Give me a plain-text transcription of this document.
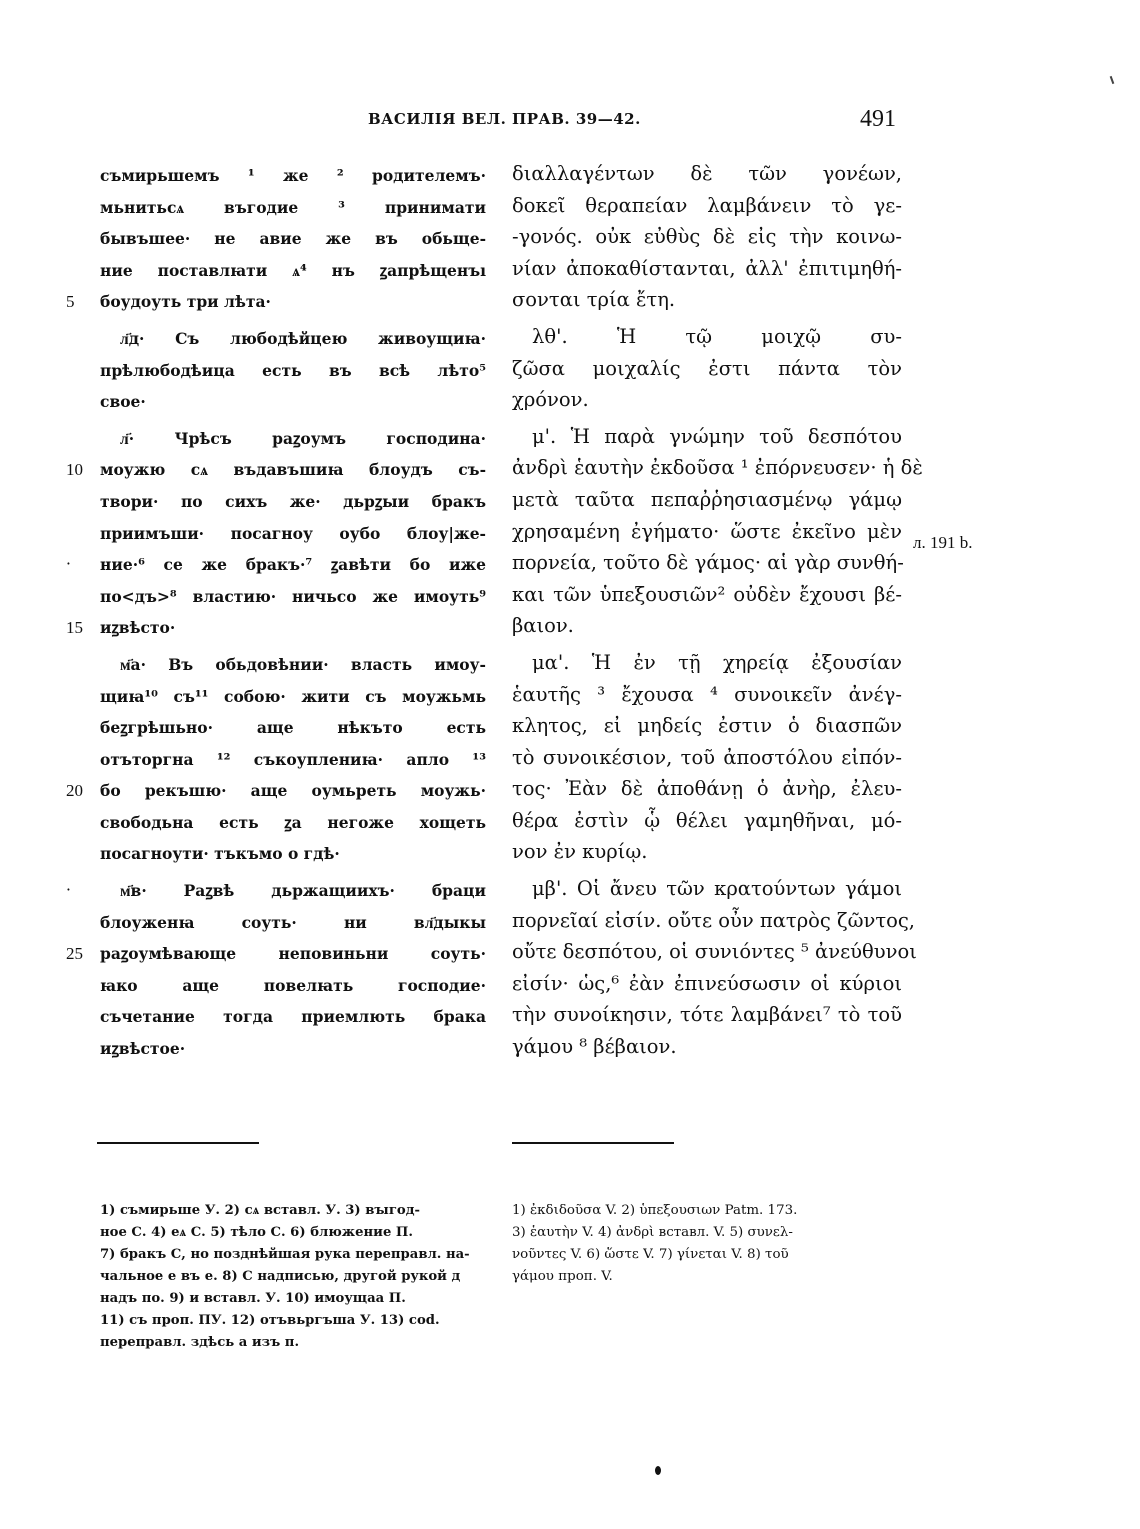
ВАСИЛIЯ ВЕЛ. ПРАВ. 39—42.	491
съмирьшемъ ¹ же ² родителемъ·
мьнитьсѧ въгодие ³ принимати
бывъшее· не авие же въ обьще-
ние поставлꙗти ѧ⁴ нъ ꙁапрѣщенъı
5 боудоуть три лѣта·
л҃д· Съ любодѣйцею живоущиꙗ·
прѣлюбодѣица есть въ всѣ лѣто⁵
свое·
л҃· Чрѣсъ раꙁоумъ господина·
10 моужю сѧ въдавъшиꙗ блоудъ съ-
твори· по сихъ же· дьрꙁыи бракъ
приимъши· посагноу оубо блоу|же-
· ние·⁶ се же бракъ·⁷ ꙁавѣти бо иже
по<дъ>⁸ властию· ничьсо же имоуть⁹
15 иꙁвѣсто·
м҃а· Въ обьдовѣнии· власть имоу-
щиꙗ¹⁰ съ¹¹ собою· жити съ моужьмь
беꙁгрѣшьно· аще нѣкъто есть
отъторгна ¹² съкоуплениꙗ· апло ¹³
20 бо рекъшю· аще оумьреть моужь·
свободьна есть ꙁа негоже хощеть
посагноути· тъкъмо о гдѣ·
·	м҃в· Раꙁвѣ дьржащиихъ· браци
блоуженꙗ соуть· ни вл҃дыкы
25 раꙁоумѣвающе неповиньни соуть·
ꙗко аще повелꙗть господие·
съчетание тогда приемлють брака
иꙁвѣстое·
διαλλαγέντων δὲ τῶν γονέων,
δοκεῖ θεραπείαν λαμβάνειν τὸ γε-
-γονός. οὐκ εὐθὺς δὲ εἰς τὴν κοινω-
νίαν ἀποκαθίστανται, ἀλλ' ἐπιτιμηθή-
σονται τρία ἔτη.
λθ'. Ἡ τῷ μοιχῷ συ-
ζῶσα μοιχαλίς ἐστι πάντα τὸν
χρόνον.
μ'. Ἡ παρὰ γνώμην τοῦ δεσπότου
ἀνδρὶ ἑαυτὴν ἐκδοῦσα ¹ ἐπόρνευσεν· ἡ δὲ
μετὰ ταῦτα πεπαῤῥησιασμένῳ γάμῳ
χρησαμένη ἐγήματο· ὥστε ἐκεῖνο μὲν
πορνεία, τοῦτο δὲ γάμος· αἱ γὰρ συνθή-
και τῶν ὑπεξουσιῶν² οὐδὲν ἔχουσι βέ-
βαιον.
μα'. Ἡ ἐν τῇ χηρείᾳ ἐξουσίαν
ἑαυτῆς ³ ἔχουσα ⁴ συνοικεῖν ἀνέγ-
κλητος, εἰ μηδείς ἐστιν ὁ διασπῶν
τὸ συνοικέσιον, τοῦ ἀποστόλου εἰπόν-
τος· Ἐὰν δὲ ἀποθάνῃ ὁ ἀνὴρ, ἐλευ-
θέρα ἐστὶν ᾧ θέλει γαμηθῆναι, μό-
νον ἐν κυρίῳ.
μβ'. Οἱ ἄνευ τῶν κρατούντων γάμοι
πορνεῖαί εἰσίν. οὔτε οὖν πατρὸς ζῶντος,
οὔτε δεσπότου, οἱ συνιόντες ⁵ ἀνεύθυνοι
εἰσίν· ὡς,⁶ ἐὰν ἐπινεύσωσιν οἱ κύριοι
τὴν συνοίκησιν, τότε λαμβάνει⁷ τὸ τοῦ
γάμου ⁸ βέβαιον.
л. 191 b.
1) съмирьше У. 2) сѧ вставл. У. 3) вꙑгод-
ное С. 4) еѧ С. 5) тѣло С. 6) блюжение П.
7) бракъ С, но позднѣйшая рука переправл. на-
чальное е въ е. 8) С надписью, другой рукой д
надъ по. 9) и вставл. У. 10) имоущаа П.
11) съ проп. ПУ. 12) отъвьргъша У. 13) cod.
переправл. здѣсь а изъ п.
1) ἐκδιδοῦσα V. 2) ὑπεξουσιων Patm. 173.
3) ἑαυτὴν V. 4) ἀνδρὶ вставл. V. 5) συνελ-
νοῦντες V. 6) ὥστε V. 7) γίνεται V. 8) τοῦ
γάμου проп. V.
